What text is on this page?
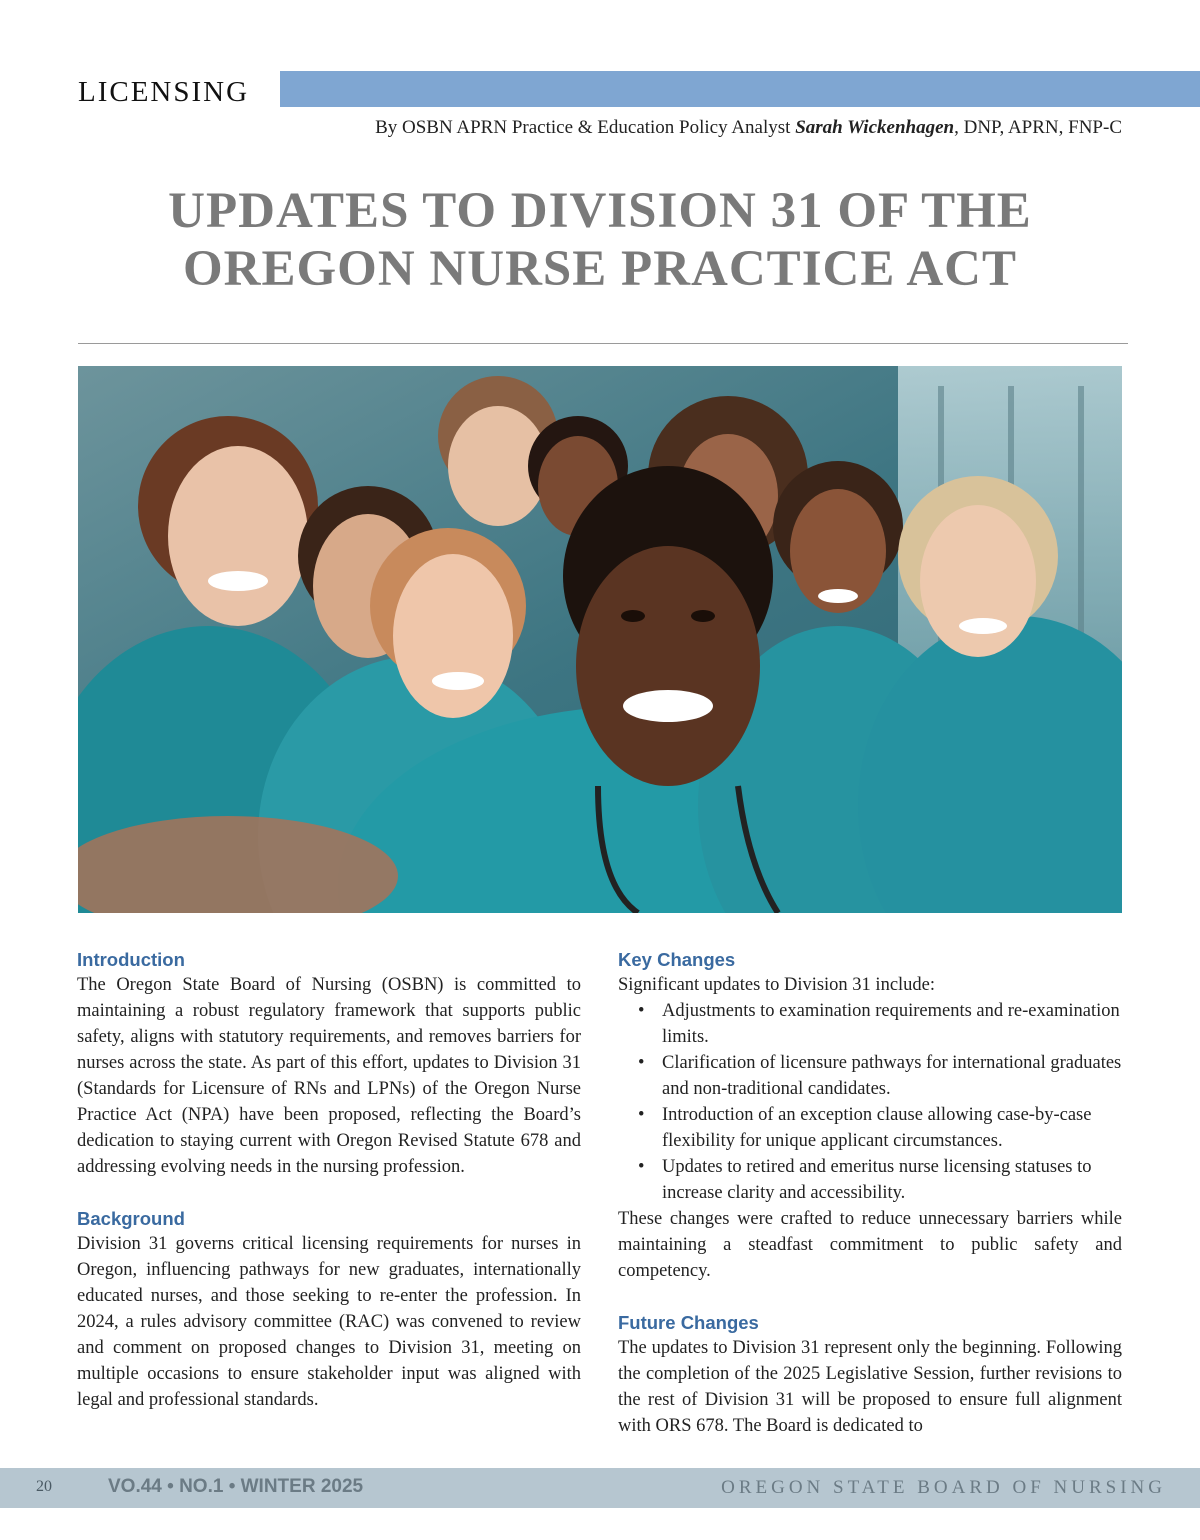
LICENSING
By OSBN APRN Practice & Education Policy Analyst Sarah Wickenhagen, DNP, APRN, FNP-C
UPDATES TO DIVISION 31 OF THE
OREGON NURSE PRACTICE ACT
Introduction

The Oregon State Board of Nursing (OSBN) is committed to maintaining a robust regulatory framework that supports public safety, aligns with statutory requirements, and removes barriers for nurses across the state. As part of this effort, updates to Division 31 (Standards for Licensure of RNs and LPNs) of the Oregon Nurse Practice Act (NPA) have been proposed, reflecting the Board’s dedication to staying current with Oregon Revised Statute 678 and addressing evolving needs in the nursing profession.

Background

Division 31 governs critical licensing requirements for nurses in Oregon, influencing pathways for new graduates, internationally educated nurses, and those seeking to re-enter the profession. In 2024, a rules advisory committee (RAC) was convened to review and comment on proposed changes to Division 31, meeting on multiple occasions to ensure stakeholder input was aligned with legal and professional standards.

Key Changes

Significant updates to Division 31 include:

• Adjustments to examination requirements and re-examination limits.
• Clarification of licensure pathways for international graduates and non-traditional candidates.
• Introduction of an exception clause allowing case-by-case flexibility for unique applicant circumstances.
• Updates to retired and emeritus nurse licensing statuses to increase clarity and accessibility.

These changes were crafted to reduce unnecessary barriers while maintaining a steadfast commitment to public safety and competency.

Future Changes

The updates to Division 31 represent only the beginning. Following the completion of the 2025 Legislative Session, further revisions to the rest of Division 31 will be proposed to ensure full alignment with ORS 678. The Board is dedicated to

20	VO.44 • NO.1 • WINTER 2025	OREGON STATE BOARD OF NURSING
